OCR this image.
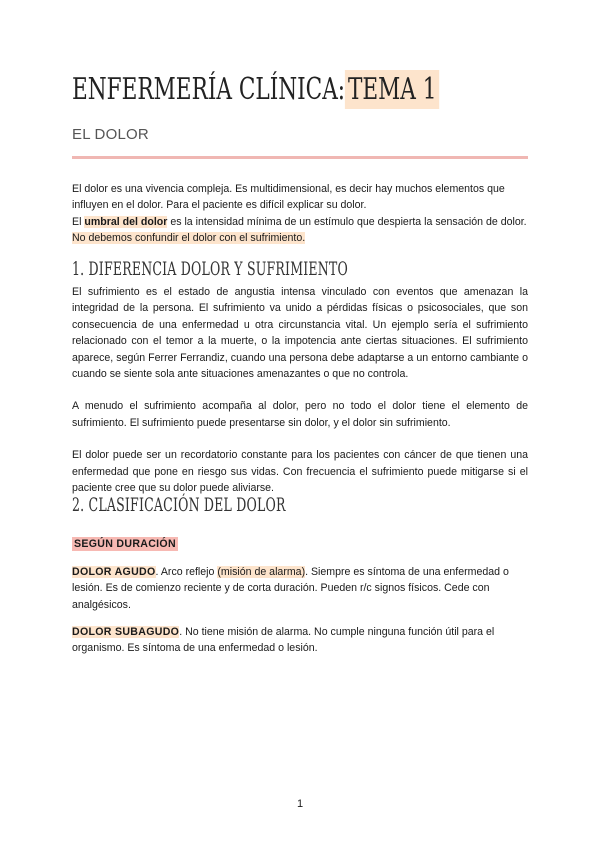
ENFERMERÍA CLÍNICA:TEMA 1
EL DOLOR

El dolor es una vivencia compleja. Es multidimensional, es decir hay muchos elementos que influyen en el dolor. Para el paciente es difícil explicar su dolor.

El umbral del dolor es la intensidad mínima de un estímulo que despierta la sensación de dolor. No debemos confundir el dolor con el sufrimiento.

1. DIFERENCIA DOLOR Y SUFRIMIENTO

El sufrimiento es el estado de angustia intensa vinculado con eventos que amenazan la integridad de la persona. El sufrimiento va unido a pérdidas físicas o psicosociales, que son consecuencia de una enfermedad u otra circunstancia vital. Un ejemplo sería el sufrimiento relacionado con el temor a la muerte, o la impotencia ante ciertas situaciones. El sufrimiento aparece, según Ferrer Ferrandiz, cuando una persona debe adaptarse a un entorno cambiante o cuando se siente sola ante situaciones amenazantes o que no controla.

A menudo el sufrimiento acompaña al dolor, pero no todo el dolor tiene el elemento de sufrimiento. El sufrimiento puede presentarse sin dolor, y el dolor sin sufrimiento.

El dolor puede ser un recordatorio constante para los pacientes con cáncer de que tienen una enfermedad que pone en riesgo sus vidas. Con frecuencia el sufrimiento puede mitigarse si el paciente cree que su dolor puede aliviarse.

2. CLASIFICACIÓN DEL DOLOR
SEGÚN DURACIÓN

DOLOR AGUDO. Arco reflejo (misión de alarma). Siempre es síntoma de una enfermedad o lesión. Es de comienzo reciente y de corta duración. Pueden r/c signos físicos. Cede con analgésicos.

DOLOR SUBAGUDO. No tiene misión de alarma. No cumple ninguna función útil para el organismo. Es síntoma de una enfermedad o lesión.

1
